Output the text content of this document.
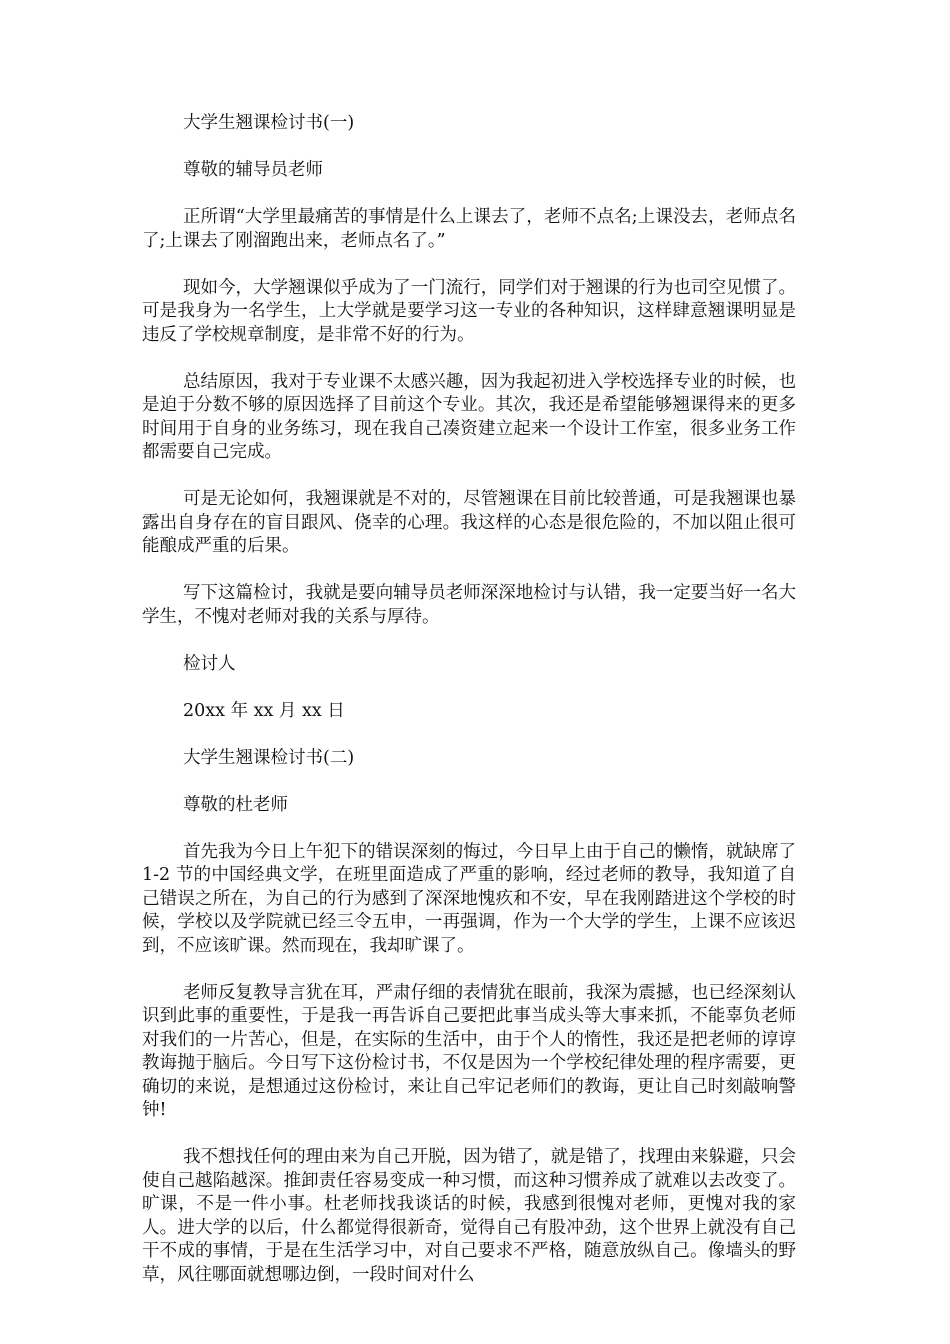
大学生翘课检讨书(一)

尊敬的辅导员老师

正所谓“大学里最痛苦的事情是什么上课去了，老师不点名;上课没去，老师点名了;上课去了刚溜跑出来，老师点名了。”

现如今，大学翘课似乎成为了一门流行，同学们对于翘课的行为也司空见惯了。可是我身为一名学生，上大学就是要学习这一专业的各种知识，这样肆意翘课明显是违反了学校规章制度，是非常不好的行为。

总结原因，我对于专业课不太感兴趣，因为我起初进入学校选择专业的时候，也是迫于分数不够的原因选择了目前这个专业。其次，我还是希望能够翘课得来的更多时间用于自身的业务练习，现在我自己凑资建立起来一个设计工作室，很多业务工作都需要自己完成。

可是无论如何，我翘课就是不对的，尽管翘课在目前比较普通，可是我翘课也暴露出自身存在的盲目跟风、侥幸的心理。我这样的心态是很危险的，不加以阻止很可能酿成严重的后果。

写下这篇检讨，我就是要向辅导员老师深深地检讨与认错，我一定要当好一名大学生，不愧对老师对我的关系与厚待。

检讨人

20xx 年 xx 月 xx 日

大学生翘课检讨书(二)

尊敬的杜老师

首先我为今日上午犯下的错误深刻的悔过，今日早上由于自己的懒惰，就缺席了 1-2 节的中国经典文学，在班里面造成了严重的影响，经过老师的教导，我知道了自己错误之所在，为自己的行为感到了深深地愧疚和不安，早在我刚踏进这个学校的时候，学校以及学院就已经三令五申，一再强调，作为一个大学的学生，上课不应该迟到，不应该旷课。然而现在，我却旷课了。

老师反复教导言犹在耳，严肃仔细的表情犹在眼前，我深为震撼，也已经深刻认识到此事的重要性，于是我一再告诉自己要把此事当成头等大事来抓，不能辜负老师对我们的一片苦心，但是，在实际的生活中，由于个人的惰性，我还是把老师的谆谆教诲抛于脑后。今日写下这份检讨书，不仅是因为一个学校纪律处理的程序需要，更确切的来说，是想通过这份检讨，来让自己牢记老师们的教诲，更让自己时刻敲响警钟!

我不想找任何的理由来为自己开脱，因为错了，就是错了，找理由来躲避，只会使自己越陷越深。推卸责任容易变成一种习惯，而这种习惯养成了就难以去改变了。旷课，不是一件小事。杜老师找我谈话的时候，我感到很愧对老师，更愧对我的家人。进大学的以后，什么都觉得很新奇，觉得自己有股冲劲，这个世界上就没有自己干不成的事情，于是在生活学习中，对自己要求不严格，随意放纵自己。像墙头的野草，风往哪面就想哪边倒，一段时间对什么
